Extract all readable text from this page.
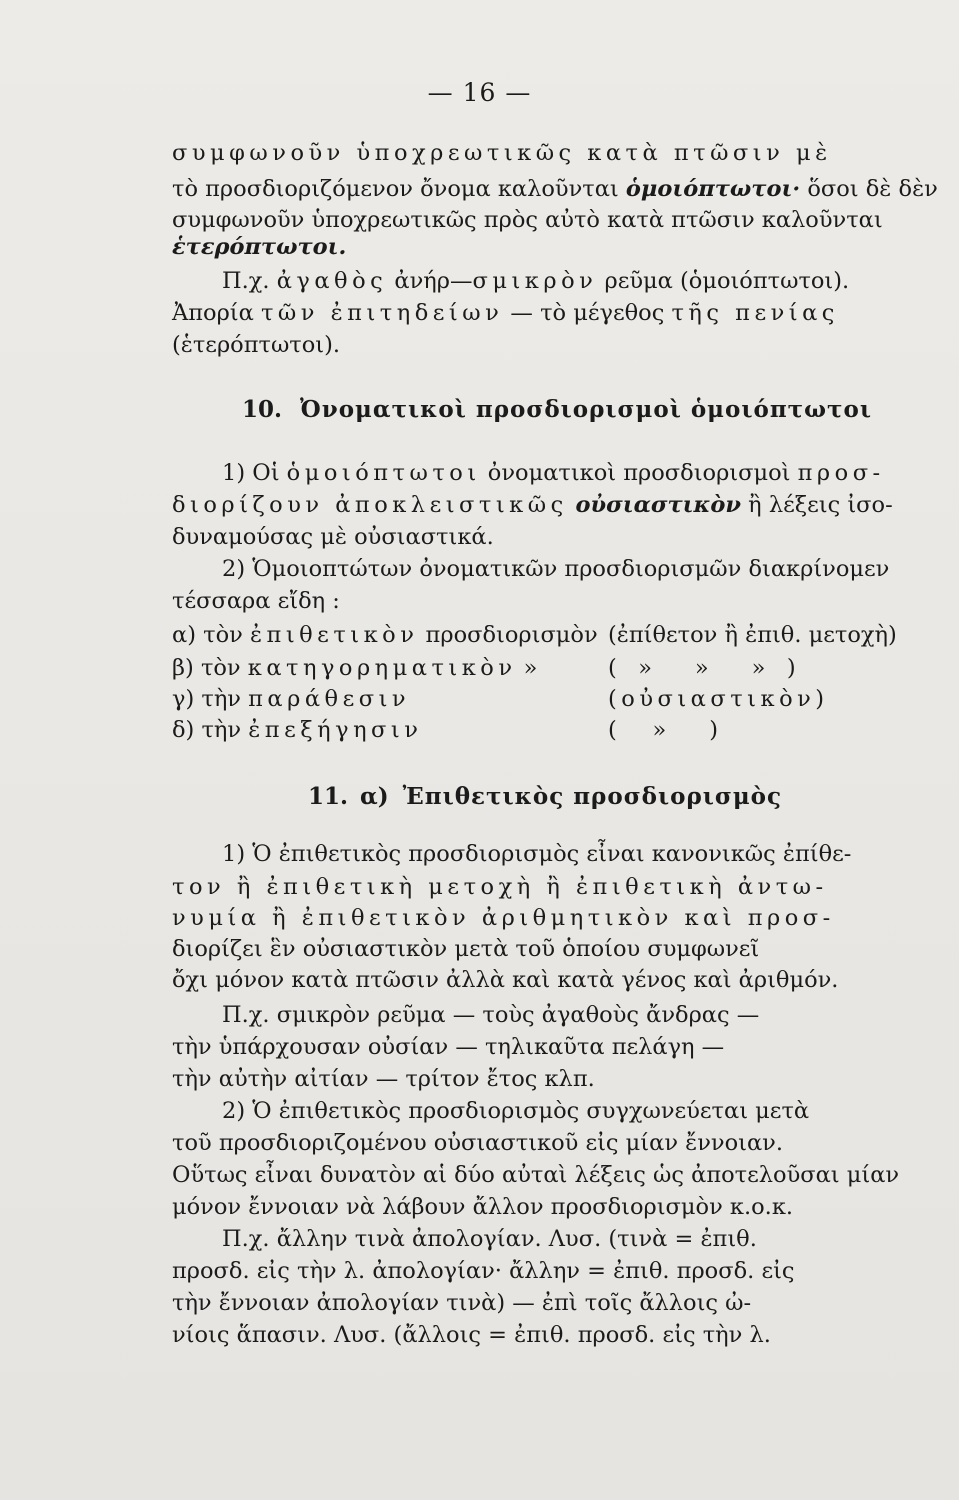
— 16 —
συμφωνοῦν ὑποχρεωτικῶς κατὰ πτῶσιν μὲ
τὸ προσδιοριζόμενον ὄνομα καλοῦνται ὁμοιόπτωτοι· ὅσοι δὲ δὲν
συμφωνοῦν ὑποχρεωτικῶς πρὸς αὐτὸ κατὰ πτῶσιν καλοῦνται
ἑτερόπτωτοι.
Π.χ. ἀγαθὸς ἀνήρ—σμικρὸν ρεῦμα (ὁμοιόπτωτοι).
Ἀπορία τῶν ἐπιτηδείων — τὸ μέγεθος τῆς πενίας
(ἑτερόπτωτοι).
10. Ὀνοματικοὶ προσδιορισμοὶ ὁμοιόπτωτοι
1) Οἱ ὁμοιόπτωτοι ὀνοματικοὶ προσδιορισμοὶ προσ-
διορίζουν ἀποκλειστικῶς οὐσιαστικὸν ἢ λέξεις ἰσο-
δυναμούσας μὲ οὐσιαστικά.
2) Ὁμοιοπτώτων ὀνοματικῶν προσδιορισμῶν διακρίνομεν
τέσσαρα εἴδη :
α) τὸν ἐπιθετικὸν προσδιορισμὸν (ἐπίθετον ἢ ἐπιθ. μετοχὴ)
β) τὸν κατηγορηματικὸν »	(   »      »      »   )
γ) τὴν παράθεσιν	(οὐσιαστικὸν)
δ) τὴν ἐπεξήγησιν	(     »      )
11. α) Ἐπιθετικὸς προσδιορισμὸς
1) Ὁ ἐπιθετικὸς προσδιορισμὸς εἶναι κανονικῶς ἐπίθε-
τον ἢ ἐπιθετικὴ μετοχὴ ἢ ἐπιθετικὴ ἀντω-
νυμία ἢ ἐπιθετικὸν ἀριθμητικὸν καὶ προσ-
διορίζει ἓν οὐσιαστικὸν μετὰ τοῦ ὁποίου συμφωνεῖ
ὄχι μόνον κατὰ πτῶσιν ἀλλὰ καὶ κατὰ γένος καὶ ἀριθμόν.
Π.χ. σμικρὸν ρεῦμα — τοὺς ἀγαθοὺς ἄνδρας —
τὴν ὑπάρχουσαν οὐσίαν — τηλικαῦτα πελάγη —
τὴν αὐτὴν αἰτίαν — τρίτον ἔτος κλπ.
2) Ὁ ἐπιθετικὸς προσδιορισμὸς συγχωνεύεται μετὰ
τοῦ προσδιοριζομένου οὐσιαστικοῦ εἰς μίαν ἔννοιαν.
Οὕτως εἶναι δυνατὸν αἱ δύο αὐταὶ λέξεις ὡς ἀποτελοῦσαι μίαν
μόνον ἔννοιαν νὰ λάβουν ἄλλον προσδιορισμὸν κ.ο.κ.
Π.χ. ἄλλην τινὰ ἀπολογίαν. Λυσ. (τινὰ = ἐπιθ.
προσδ. εἰς τὴν λ. ἀπολογίαν· ἄλλην = ἐπιθ. προσδ. εἰς
τὴν ἔννοιαν ἀπολογίαν τινὰ) — ἐπὶ τοῖς ἄλλοις ὠ-
νίοις ἅπασιν. Λυσ. (ἄλλοις = ἐπιθ. προσδ. εἰς τὴν λ.
